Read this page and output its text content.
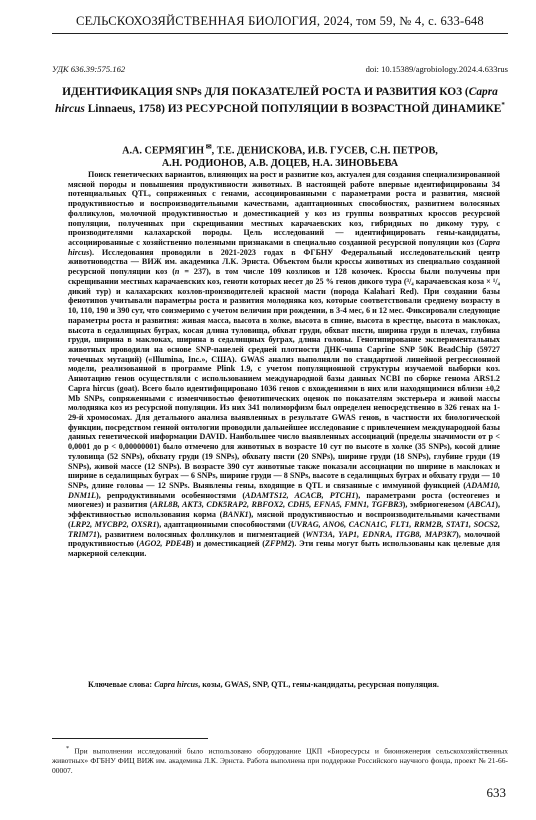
СЕЛЬСКОХОЗЯЙСТВЕННАЯ БИОЛОГИЯ, 2024, том 59, № 4, с. 633-648
УДК 636.39:575.162	doi: 10.15389/agrobiology.2024.4.633rus
ИДЕНТИФИКАЦИЯ SNPs ДЛЯ ПОКАЗАТЕЛЕЙ РОСТА И РАЗВИТИЯ КОЗ (Capra hircus Linnaeus, 1758) ИЗ РЕСУРСНОЙ ПОПУЛЯЦИИ В ВОЗРАСТНОЙ ДИНАМИКЕ*
А.А. СЕРМЯГИН ✉, Т.Е. ДЕНИСКОВА, И.В. ГУСЕВ, С.Н. ПЕТРОВ,
А.Н. РОДИОНОВ, А.В. ДОЦЕВ, Н.А. ЗИНОВЬЕВА
Поиск генетических вариантов, влияющих на рост и развитие коз, актуален для создания специализированной мясной породы и повышения продуктивности животных. В настоящей работе впервые идентифицированы 34 потенциальных QTL, сопряженных с генами, ассоциированными с параметрами роста и развития, мясной продуктивностью и воспроизводительными качествами, адаптационных способностях, развитием волосяных фолликулов, молочной продуктивностью и доместикацией у коз из группы возвратных кроссов ресурсной популяции, полученных при скрещивании местных карачаевских коз, гибридных по дикому туру, с производителями калахарской породы. Цель исследований — идентифицировать гены-кандидаты, ассоциированные с хозяйственно полезными признаками в специально созданной ресурсной популяции коз (Capra hircus). Исследования проводили в 2021-2023 годах в ФГБНУ Федеральный исследовательский центр животноводства — ВИЖ им. академика Л.К. Эрнста. Объектом были кроссы животных из специально созданной ресурсной популяции коз (n = 237), в том числе 109 козликов и 128 козочек. Кроссы были получены при скрещивании местных карачаевских коз, геноти которых несет до 25 % генов дикого тура (³/₄ карачаевская коза × ¹/₄ дикий тур) и калахарских козлов-производителей красной масти (порода Kalahari Red). При создании базы фенотипов учитывали параметры роста и развития молодняка коз, которые соответствовали среднему возрасту в 10, 110, 190 и 390 сут, что соизмеримо с учетом величин при рождении, в 3-4 мес, 6 и 12 мес. Фиксировали следующие параметры роста и развития: живая масса, высота в холке, высота в спине, высота в крестце, высота в маклоках, высота в седалищных буграх, косая длина туловища, обхват груди, обхват пясти, ширина груди в плечах, глубина груди, ширина в маклоках, ширина в седалищных буграх, длина головы. Генотипирование экспериментальных животных проводили на основе SNP-панелей средней плотности ДНК-чипа Caprine SNP 50K BeadChip (59727 точечных мутаций) («Illumina, Inc.», США). GWAS анализ выполняли по стандартной линейной регрессионной модели, реализованной в программе Plink 1.9, с учетом популяционной структуры изучаемой выборки коз. Аннотацию генов осуществляли с использованием международной базы данных NCBI по сборке генома ARS1.2 Capra hircus (goat). Всего было идентифицировано 1036 генов с вхождениями в них или находящимися вблизи ±0,2 Mb SNPs, сопряженными с изменчивостью фенотипических оценок по показателям экстерьера и живой массы молодняка коз из ресурсной популяции. Из них 341 полиморфизм был определен непосредственно в 326 генах на 1-29-й хромосомах. Для детального анализа выявленных в результате GWAS генов, в частности их биологической функции, посредством генной онтологии проводили дальнейшее исследование с привлечением международной базы данных генетической информации DAVID. Наибольшее число выявленных ассоциаций (пределы значимости от p < 0,0001 до p < 0,00000001) было отмечено для животных в возрасте 10 сут по высоте в холке (35 SNPs), косой длине туловища (52 SNPs), обхвату груди (19 SNPs), обхвату пясти (20 SNPs), ширине груди (18 SNPs), глубине груди (19 SNPs), живой массе (12 SNPs). В возрасте 390 сут животные также показали ассоциации по ширине в маклоках и ширине в седалищных буграх — 6 SNPs, ширине груди — 8 SNPs, высоте в седалищных буграх и обхвату груди — 10 SNPs, длине головы — 12 SNPs. Выявлены гены, входящие в QTL и связанные с иммунной функцией (ADAM10, DNM1L), репродуктивными особенностями (ADAMTS12, ACACB, PTCH1), параметрами роста (остеогенез и миогенез) и развития (ARL8B, AKT3, CDK5RAP2, RBFOX2, CDH5, EFNA5, FMN1, TGFBR3), эмбриогенезом (ABCA1), эффективностью использования корма (BANK1), мясной продуктивностью и воспроизводительными качествами (LRP2, MYCBP2, OXSR1), адаптационными способностями (UVRAG, ANO6, CACNA1C, FLT1, RRM2B, STAT1, SOCS2, TRIM71), развитием волосяных фолликулов и пигментацией (WNT3A, YAP1, EDNRA, ITGB8, MAP3K7), молочной продуктивностью (AGO2, PDE4B) и доместикацией (ZFPM2). Эти гены могут быть использованы как целевые для маркерной селекции.
Ключевые слова: Capra hircus, козы, GWAS, SNP, QTL, гены-кандидаты, ресурсная популяция.
* При выполнении исследований было использовано оборудование ЦКП «Биоресурсы и биоинженерия сельскохозяйственных животных» ФГБНУ ФИЦ ВИЖ им. академика Л.К. Эрнста. Работа выполнена при поддержке Российского научного фонда, проект № 21-66-00007.
633
